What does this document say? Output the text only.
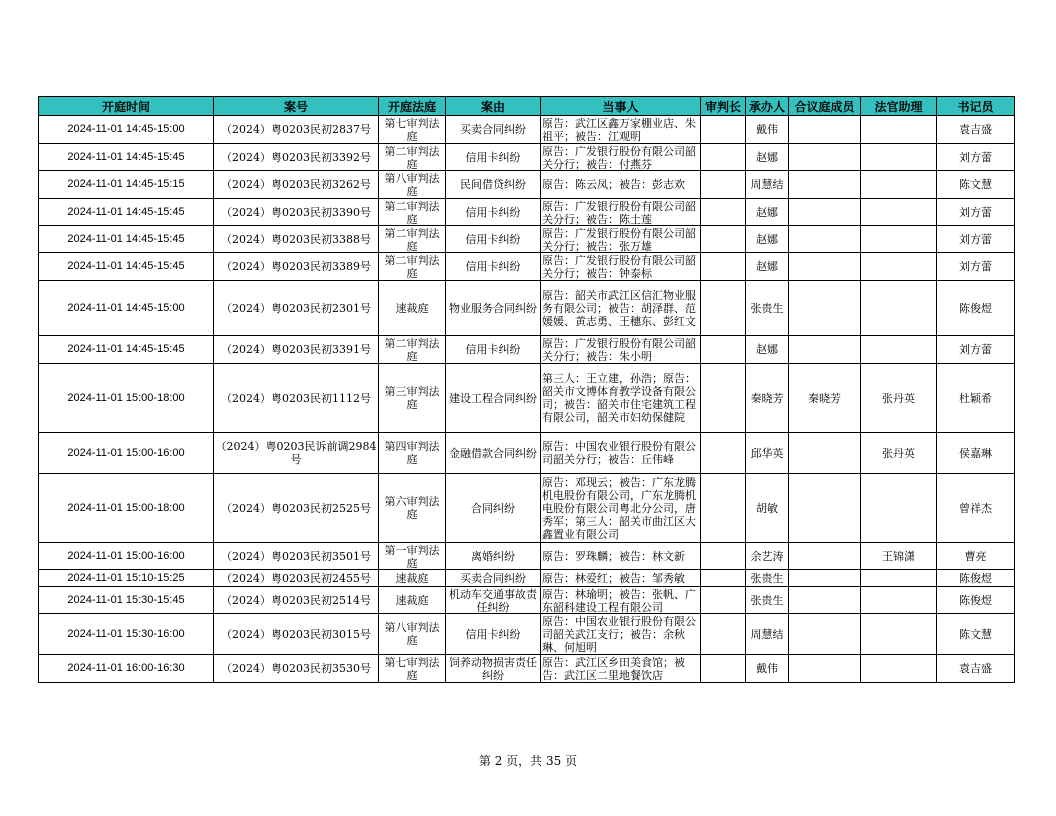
开庭时间	案号	开庭法庭	案由	当事人	审判长	承办人	合议庭成员	法官助理	书记员

2024-11-01 14:45-15:00	（2024）粤0203民初2837号	第七审判法庭	买卖合同纠纷	原告：武江区鑫万家棚业店、朱祖平；被告：江观明		戴伟			袁吉盛

2024-11-01 14:45-15:45	（2024）粤0203民初3392号	第二审判法庭	信用卡纠纷	原告：广发银行股份有限公司韶关分行；被告：付燕芬		赵娜			刘方蕾

2024-11-01 14:45-15:15	（2024）粤0203民初3262号	第八审判法庭	民间借贷纠纷	原告：陈云凤；被告：彭志欢		周慧结			陈文慧

2024-11-01 14:45-15:45	（2024）粤0203民初3390号	第二审判法庭	信用卡纠纷	原告：广发银行股份有限公司韶关分行；被告：陈土莲		赵娜			刘方蕾

2024-11-01 14:45-15:45	（2024）粤0203民初3388号	第二审判法庭	信用卡纠纷	原告：广发银行股份有限公司韶关分行；被告：张万雄		赵娜			刘方蕾

2024-11-01 14:45-15:45	（2024）粤0203民初3389号	第二审判法庭	信用卡纠纷	原告：广发银行股份有限公司韶关分行；被告：钟泰标		赵娜			刘方蕾

2024-11-01 14:45-15:00	（2024）粤0203民初2301号	速裁庭	物业服务合同纠纷	原告：韶关市武江区信汇物业服务有限公司；被告：胡泽群、范媛媛、黄志勇、王穗东、彭红文		张贵生			陈俊煜

2024-11-01 14:45-15:45	（2024）粤0203民初3391号	第二审判法庭	信用卡纠纷	原告：广发银行股份有限公司韶关分行；被告：朱小明		赵娜			刘方蕾

2024-11-01 15:00-18:00	（2024）粤0203民初1112号	第三审判法庭	建设工程合同纠纷	第三人：王立建，孙浩；原告：韶关市文博体育教学设备有限公司；被告：韶关市住宅建筑工程有限公司，韶关市妇幼保健院		秦晓芳	秦晓芳	张丹英	杜颖希

2024-11-01 15:00-16:00	（2024）粤0203民诉前调2984号	第四审判法庭	金融借款合同纠纷	原告：中国农业银行股份有限公司韶关分行；被告：丘伟峰		邱华英		张丹英	侯嘉琳

2024-11-01 15:00-18:00	（2024）粤0203民初2525号	第六审判法庭	合同纠纷	原告：邓现云；被告：广东龙腾机电股份有限公司，广东龙腾机电股份有限公司粤北分公司，唐秀军；第三人：韶关市曲江区大鑫置业有限公司		胡敏			曾祥杰

2024-11-01 15:00-16:00	（2024）粤0203民初3501号	第一审判法庭	离婚纠纷	原告：罗珠麟；被告：林文新		余艺涛		王锦潇	曹亮

2024-11-01 15:10-15:25	（2024）粤0203民初2455号	速裁庭	买卖合同纠纷	原告：林爱红；被告：邹秀敏		张贵生			陈俊煜

2024-11-01 15:30-15:45	（2024）粤0203民初2514号	速裁庭	机动车交通事故责任纠纷	原告：林瑜明；被告：张帆、广东韶科建设工程有限公司		张贵生			陈俊煜

2024-11-01 15:30-16:00	（2024）粤0203民初3015号	第八审判法庭	信用卡纠纷	原告：中国农业银行股份有限公司韶关武江支行；被告：余秋琳、何旭明		周慧结			陈文慧

2024-11-01 16:00-16:30	（2024）粤0203民初3530号	第七审判法庭	饲养动物损害责任纠纷	原告：武江区乡田美食馆；被告：武江区二里地餐饮店		戴伟			袁吉盛
第 2 页，共 35 页
